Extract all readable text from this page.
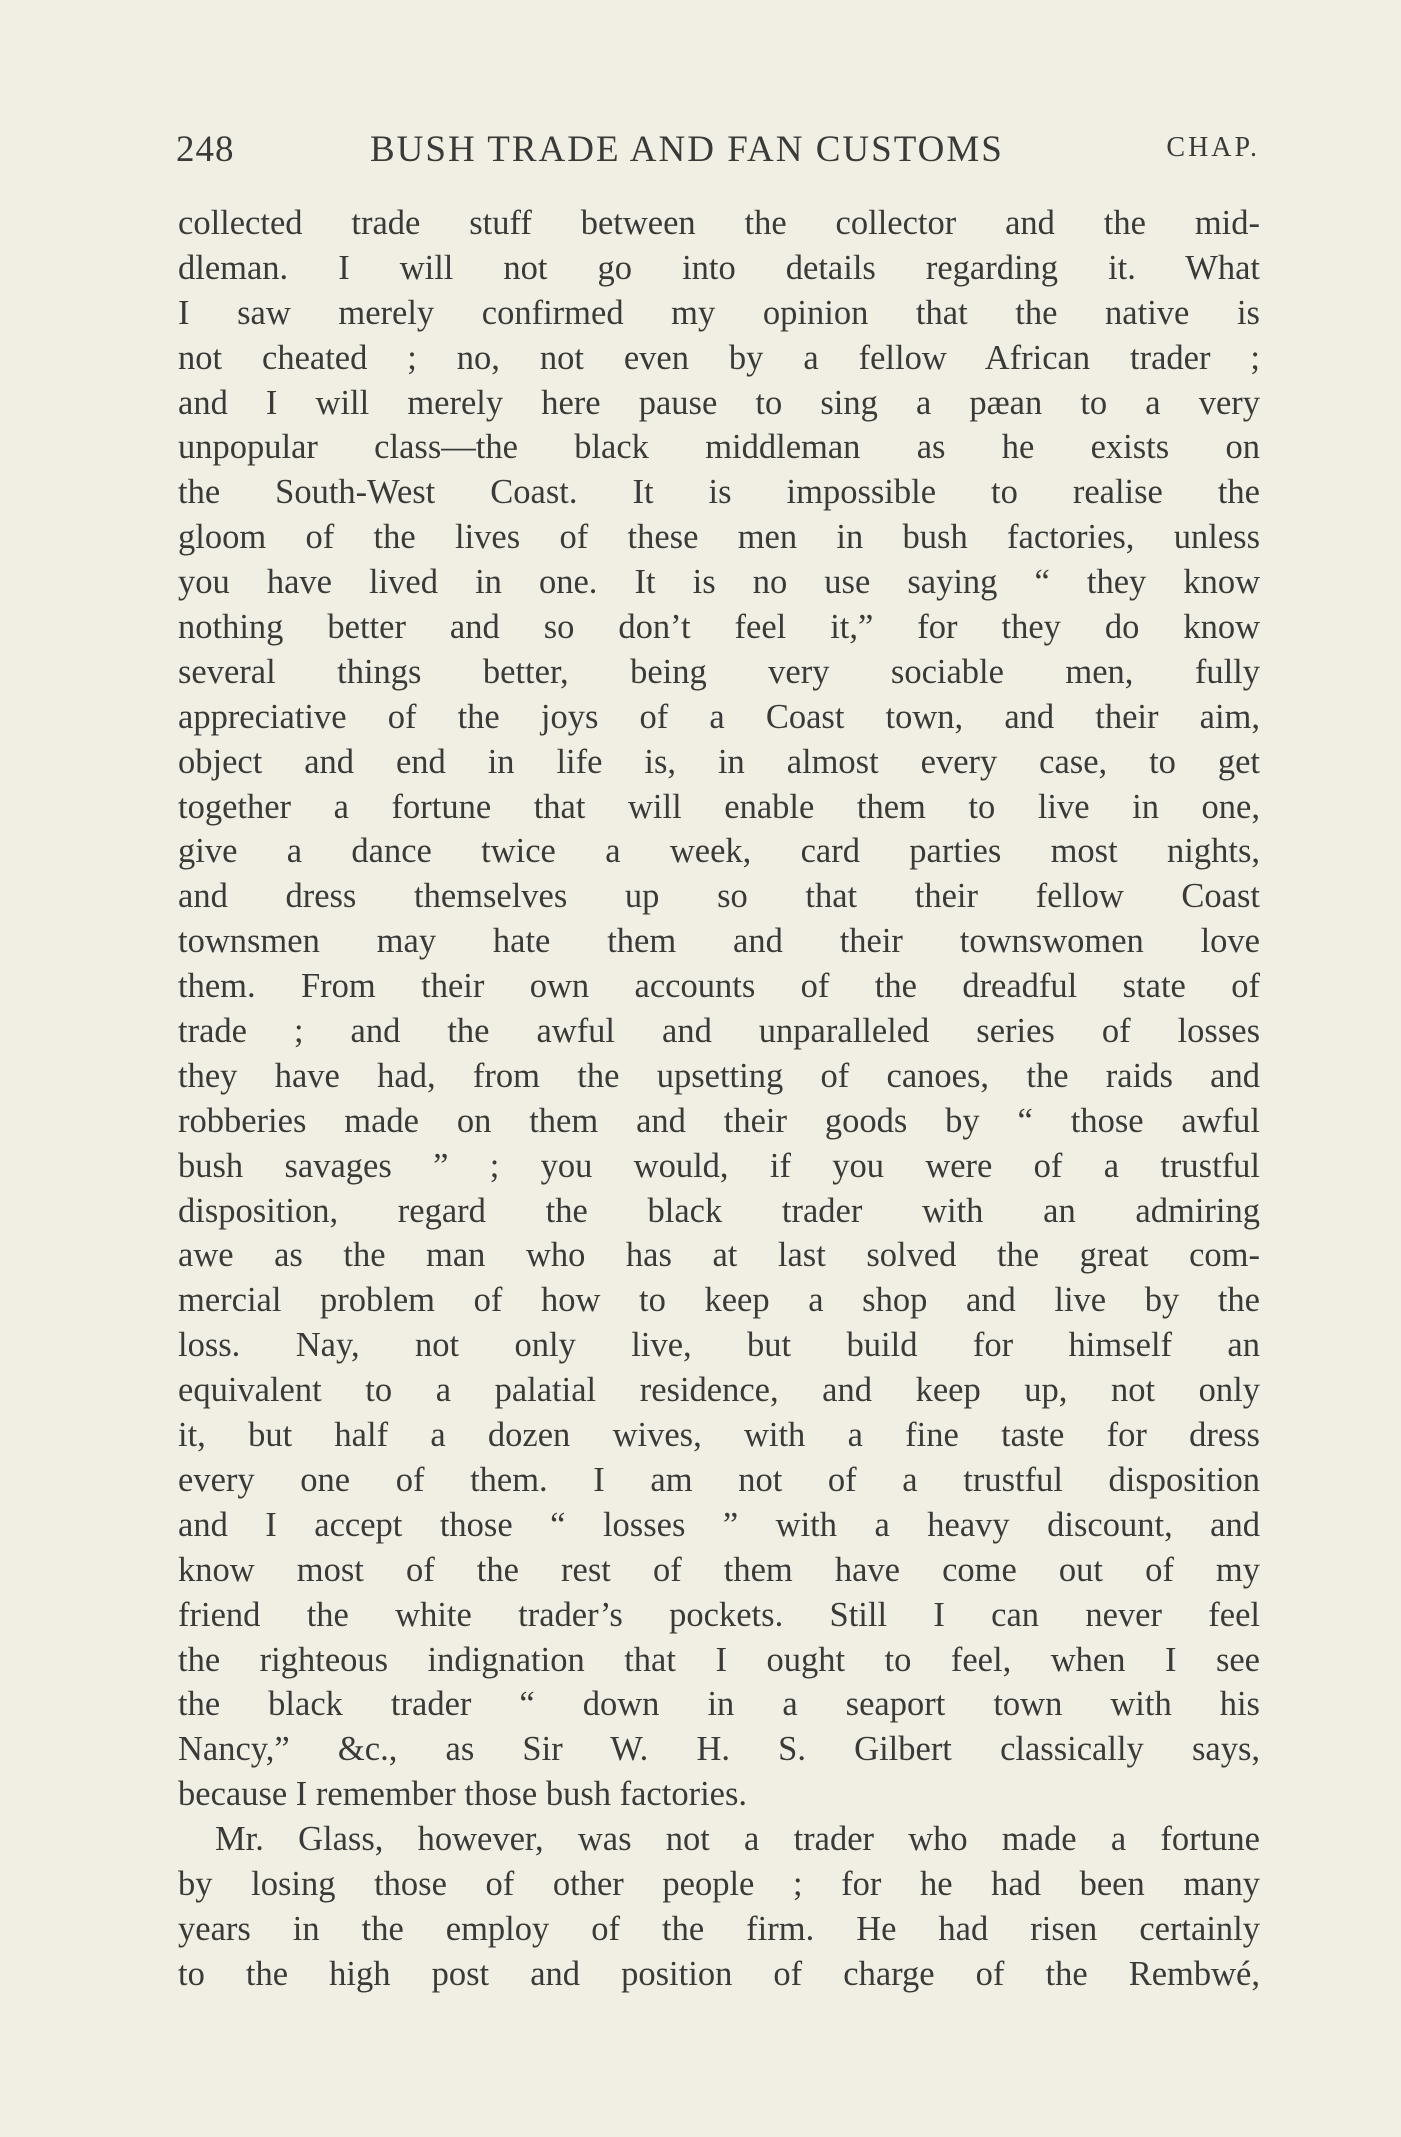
248	BUSH TRADE AND FAN CUSTOMS	CHAP.
collected trade stuff between the collector and the mid-
dleman. I will not go into details regarding it. What
I saw merely confirmed my opinion that the native is
not cheated ; no, not even by a fellow African trader ;
and I will merely here pause to sing a pæan to a very
unpopular class—the black middleman as he exists on
the South-West Coast. It is impossible to realise the
gloom of the lives of these men in bush factories, unless
you have lived in one. It is no use saying “ they know
nothing better and so don’t feel it,” for they do know
several things better, being very sociable men, fully
appreciative of the joys of a Coast town, and their aim,
object and end in life is, in almost every case, to get
together a fortune that will enable them to live in one,
give a dance twice a week, card parties most nights,
and dress themselves up so that their fellow Coast
townsmen may hate them and their townswomen love
them. From their own accounts of the dreadful state of
trade ; and the awful and unparalleled series of losses
they have had, from the upsetting of canoes, the raids and
robberies made on them and their goods by “ those awful
bush savages ” ; you would, if you were of a trustful
disposition, regard the black trader with an admiring
awe as the man who has at last solved the great com-
mercial problem of how to keep a shop and live by the
loss. Nay, not only live, but build for himself an
equivalent to a palatial residence, and keep up, not only
it, but half a dozen wives, with a fine taste for dress
every one of them. I am not of a trustful disposition
and I accept those “ losses ” with a heavy discount, and
know most of the rest of them have come out of my
friend the white trader’s pockets. Still I can never feel
the righteous indignation that I ought to feel, when I see
the black trader “ down in a seaport town with his
Nancy,” &c., as Sir W. H. S. Gilbert classically says,
because I remember those bush factories.
Mr. Glass, however, was not a trader who made a fortune
by losing those of other people ; for he had been many
years in the employ of the firm. He had risen certainly
to the high post and position of charge of the Rembwé,
